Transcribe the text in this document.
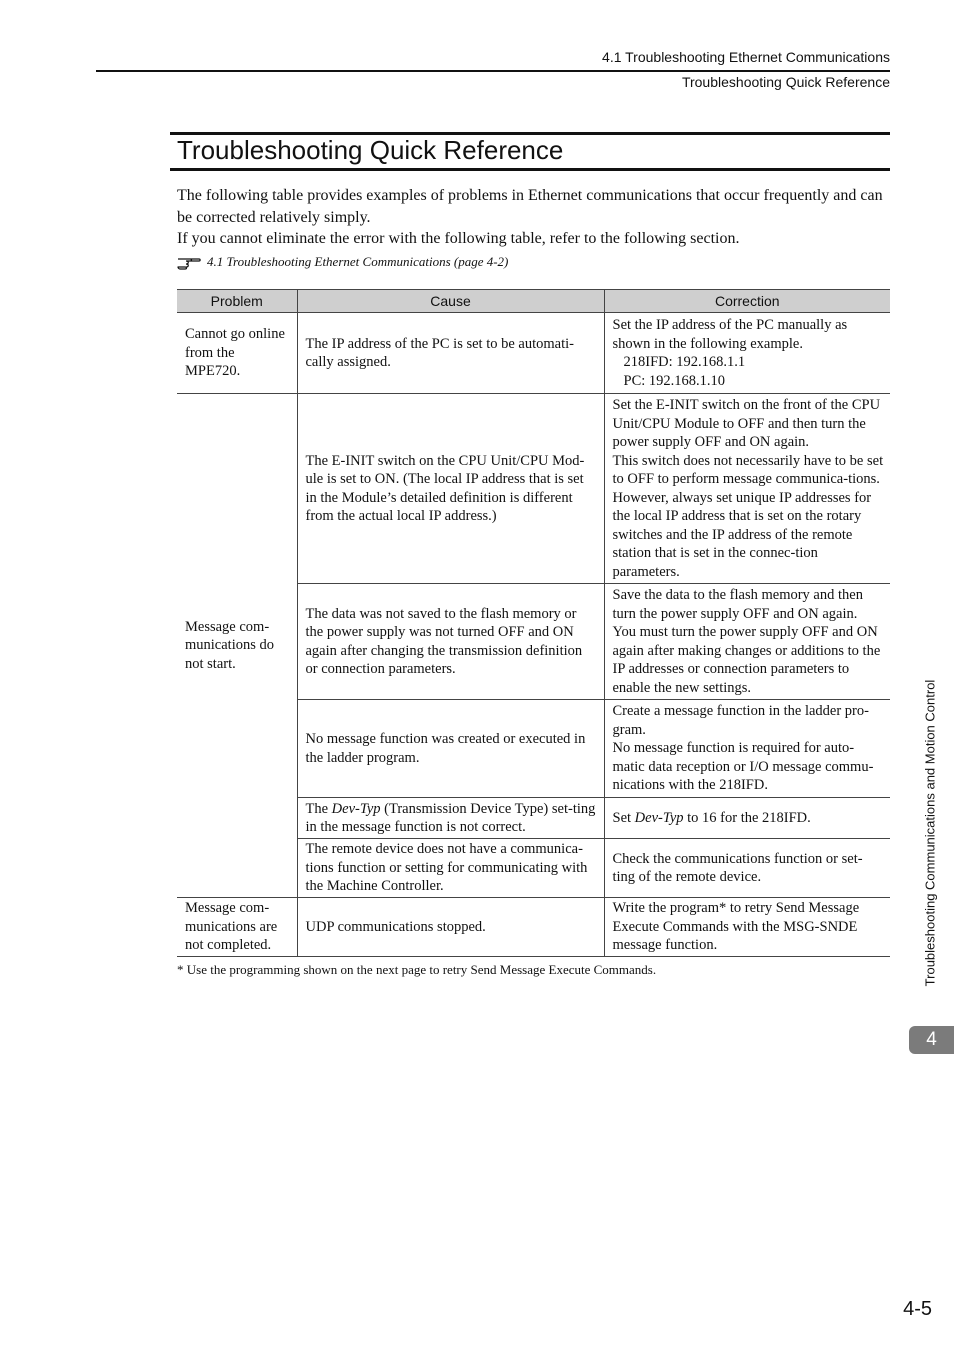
4.1 Troubleshooting Ethernet Communications
Troubleshooting Quick Reference
Troubleshooting Quick Reference

The following table provides examples of problems in Ethernet communications that occur frequently and can be corrected relatively simply.

If you cannot eliminate the error with the following table, refer to the following section.

4.1 Troubleshooting Ethernet Communications (page 4-2)
Problem	Cause	Correction
Cannot go online from the MPE720.	The IP address of the PC is set to be automati-cally assigned.	Set the IP address of the PC manually as shown in the following example.
218IFD: 192.168.1.1
PC: 192.168.1.10

Message com-munications do not start.	The E-INIT switch on the CPU Unit/CPU Mod-ule is set to ON. (The local IP address that is set in the Module’s detailed definition is different from the actual local IP address.)	Set the E-INIT switch on the front of the CPU Unit/CPU Module to OFF and then turn the power supply OFF and ON again.
This switch does not necessarily have to be set to OFF to perform message communica-tions. However, always set unique IP addresses for the local IP address that is set on the rotary switches and the IP address of the remote station that is set in the connec-tion parameters.

	The data was not saved to the flash memory or the power supply was not turned OFF and ON again after changing the transmission definition or connection parameters.	Save the data to the flash memory and then turn the power supply OFF and ON again.
You must turn the power supply OFF and ON again after making changes or additions to the IP addresses or connection parameters to enable the new settings.

	No message function was created or executed in the ladder program.	Create a message function in the ladder pro-gram.
No message function is required for auto-matic data reception or I/O message commu-nications with the 218IFD.

	The Dev-Typ (Transmission Device Type) set-ting in the message function is not correct.	Set Dev-Typ to 16 for the 218IFD.
	The remote device does not have a communica-tions function or setting for communicating with the Machine Controller.	Check the communications function or set-ting of the remote device.
Message com-munications are not completed.	UDP communications stopped.	Write the program* to retry Send Message Execute Commands with the MSG-SNDE message function.
* Use the programming shown on the next page to retry Send Message Execute Commands.	Troubleshooting Communications and Motion Control
4
4-5
